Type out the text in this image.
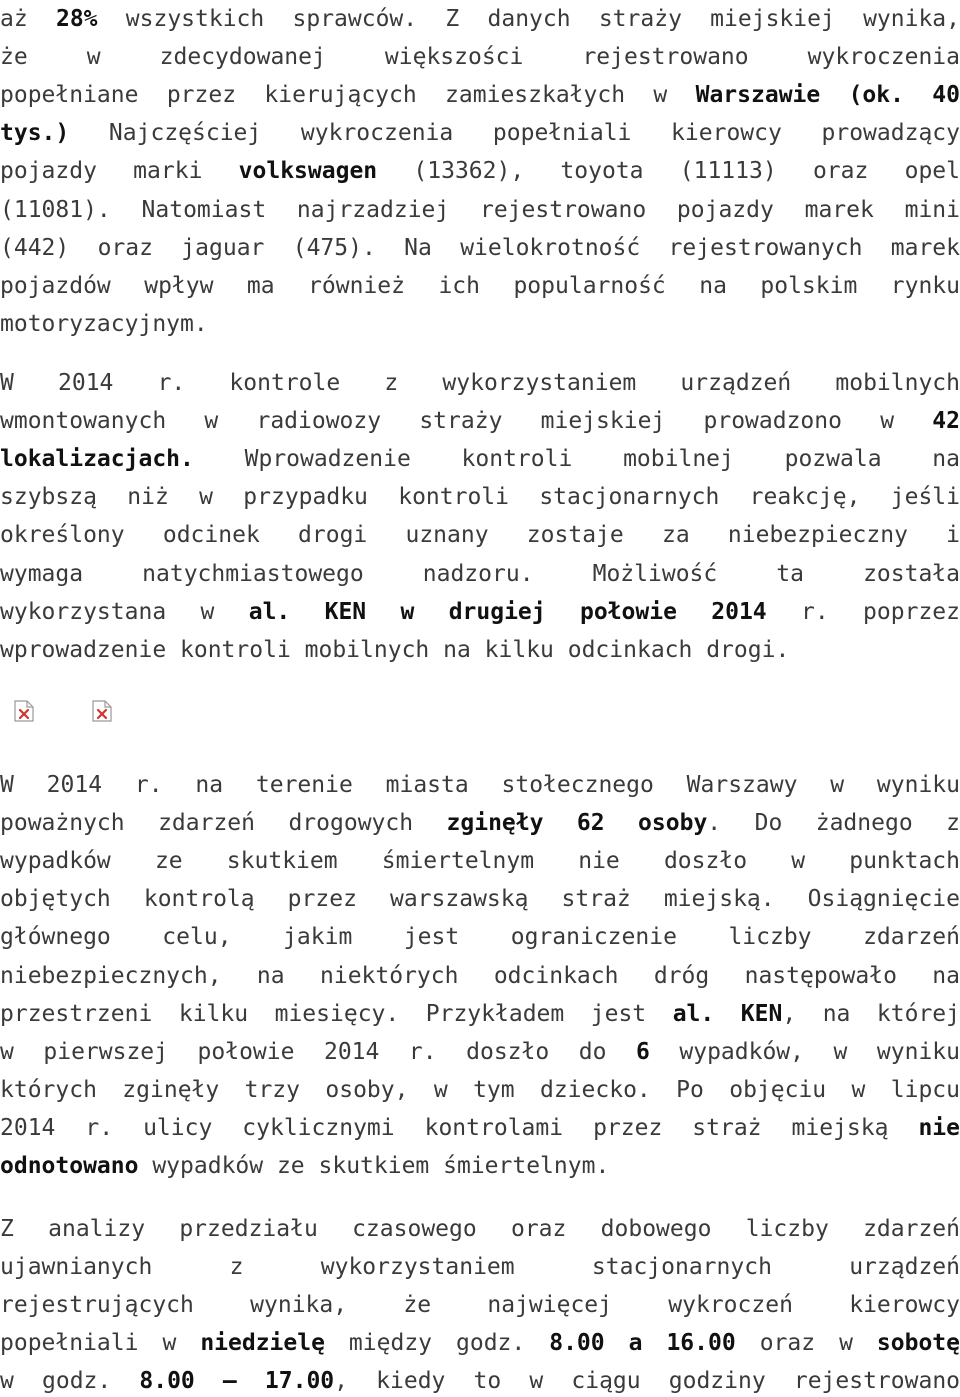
aż 28% wszystkich sprawców. Z danych straży miejskiej wynika,
że w zdecydowanej większości rejestrowano wykroczenia
popełniane przez kierujących zamieszkałych w Warszawie (ok. 40
tys.) Najczęściej wykroczenia popełniali kierowcy prowadzący
pojazdy marki volkswagen (13362), toyota (11113) oraz opel
(11081). Natomiast najrzadziej rejestrowano pojazdy marek mini
(442) oraz jaguar (475). Na wielokrotność rejestrowanych marek
pojazdów wpływ ma również ich popularność na polskim rynku
motoryzacyjnym.
W 2014 r. kontrole z wykorzystaniem urządzeń mobilnych
wmontowanych w radiowozy straży miejskiej prowadzono w 42
lokalizacjach. Wprowadzenie kontroli mobilnej pozwala na
szybszą niż w przypadku kontroli stacjonarnych reakcję, jeśli
określony odcinek drogi uznany zostaje za niebezpieczny i
wymaga natychmiastowego nadzoru. Możliwość ta została
wykorzystana w al. KEN w drugiej połowie 2014 r. poprzez
wprowadzenie kontroli mobilnych na kilku odcinkach drogi.
W 2014 r. na terenie miasta stołecznego Warszawy w wyniku
poważnych zdarzeń drogowych zginęły 62 osoby. Do żadnego z
wypadków ze skutkiem śmiertelnym nie doszło w punktach
objętych kontrolą przez warszawską straż miejską. Osiągnięcie
głównego celu, jakim jest ograniczenie liczby zdarzeń
niebezpiecznych, na niektórych odcinkach dróg następowało na
przestrzeni kilku miesięcy. Przykładem jest al. KEN, na której
w pierwszej połowie 2014 r. doszło do 6 wypadków, w wyniku
których zginęły trzy osoby, w tym dziecko. Po objęciu w lipcu
2014 r. ulicy cyklicznymi kontrolami przez straż miejską nie
odnotowano wypadków ze skutkiem śmiertelnym.
Z analizy przedziału czasowego oraz dobowego liczby zdarzeń
ujawnianych z wykorzystaniem stacjonarnych urządzeń
rejestrujących wynika, że najwięcej wykroczeń kierowcy
popełniali w niedzielę między godz. 8.00 a 16.00 oraz w sobotę
w godz. 8.00 – 17.00, kiedy to w ciągu godziny rejestrowano
